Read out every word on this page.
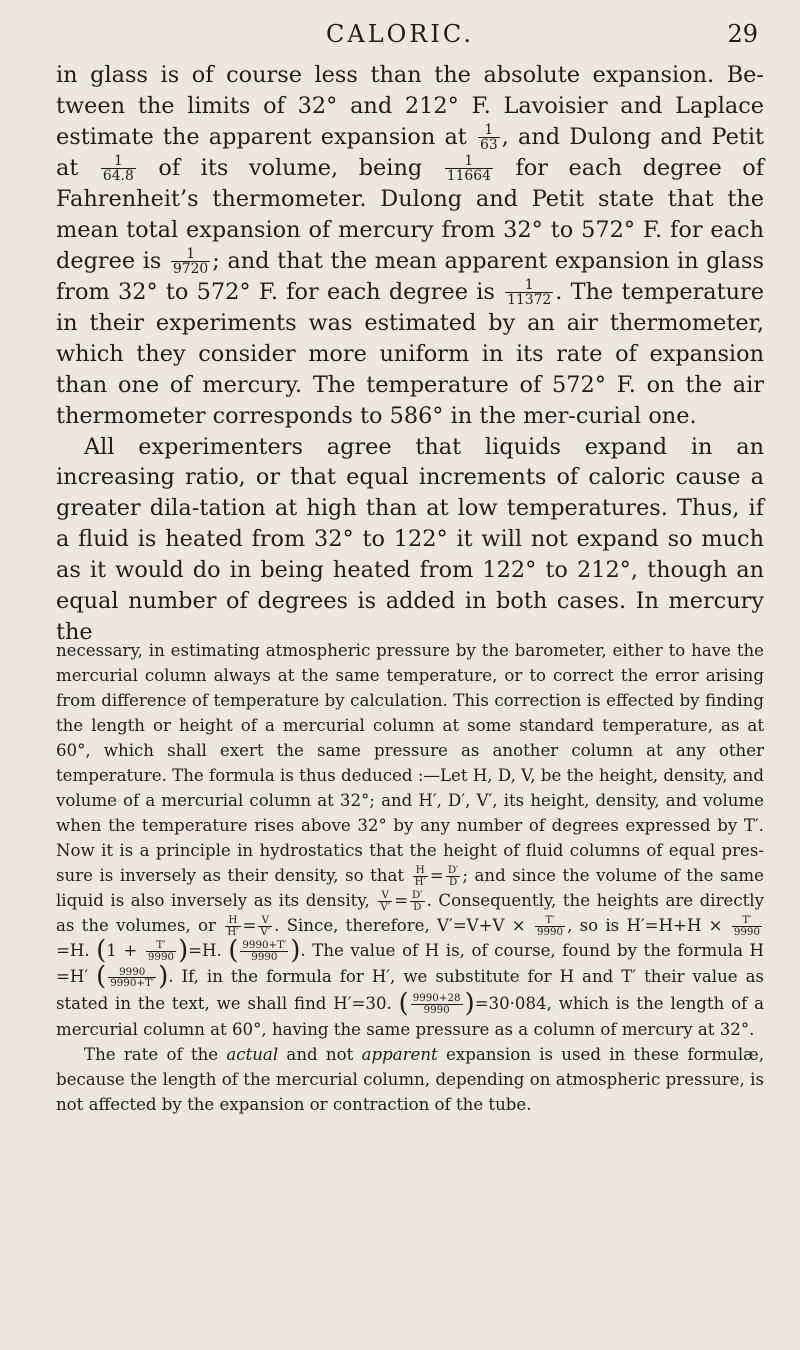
CALORIC.	29

in glass is of course less than the absolute expansion. Be-tween the limits of 32° and 212° F. Lavoisier and Laplace estimate the apparent expansion at $\frac{1}{63}$ , and Dulong and Petit at $\frac{1}{64.8}$ of its volume, being $\frac{1}{11664}$ for each degree of Fahrenheit’s thermometer. Dulong and Petit state that the mean total expansion of mercury from 32° to 572° F. for each degree is $\frac{1}{9720}$ ; and that the mean apparent expansion in glass from 32° to 572° F. for each degree is $\frac{1}{11372}$ . The temperature in their experiments was estimated by an air thermometer, which they consider more uniform in its rate of expansion than one of mercury. The temperature of 572° F. on the air thermometer corresponds to 586° in the mer-curial one.

All experimenters agree that liquids expand in an increasing ratio, or that equal increments of caloric cause a greater dila-tation at high than at low temperatures. Thus, if a fluid is heated from 32° to 122° it will not expand so much as it would do in being heated from 122° to 212°, though an equal number of degrees is added in both cases. In mercury the

necessary, in estimating atmospheric pressure by the barometer, either to have the mercurial column always at the same temperature, or to correct the error arising from difference of temperature by calculation. This correction is effected by finding the length or height of a mercurial column at some standard temperature, as at 60°, which shall exert the same pressure as another column at any other temperature. The formula is thus deduced :—Let H, D, V, be the height, density, and volume of a mercurial column at 32°; and H′, D′, V′, its height, density, and volume when the temperature rises above 32° by any number of degrees expressed by T′. Now it is a principle in hydrostatics that the height of fluid columns of equal pres-sure is inversely as their density, so that $\frac{H}{H'} = \frac{D'}{D}$ ; and since the volume of the same liquid is also inversely as its density, $\frac{V}{V'} = \frac{D'}{D}$ . Consequently, the heights are directly as the volumes, or $\frac{H}{H'} = \frac{V}{V'}$ . Since, therefore, $V'=V+V \times \frac{T'}{9990}$ , so is $H'=H+H \times \frac{T'}{9990}$
=H. $(1 + \frac{T'}{9990} )=H$. ( $\frac{9990+T'}{9990}$ ). The value of H is, of course, found by the formula H =H′ ( $\frac{9990}{9990+T'}$ ). If, in the formula for H′, we substitute for H and T′ their value as stated in the text, we shall find H′=30. ( $\frac{9990+28}{9990} )=30\cdot 084$, which is the length of a mercurial column at 60°, having the same pressure as a column of mercury at 32°.

The rate of the actual and not apparent expansion is used in these formulæ, because the length of the mercurial column, depending on atmospheric pressure, is not affected by the expansion or contraction of the tube.
